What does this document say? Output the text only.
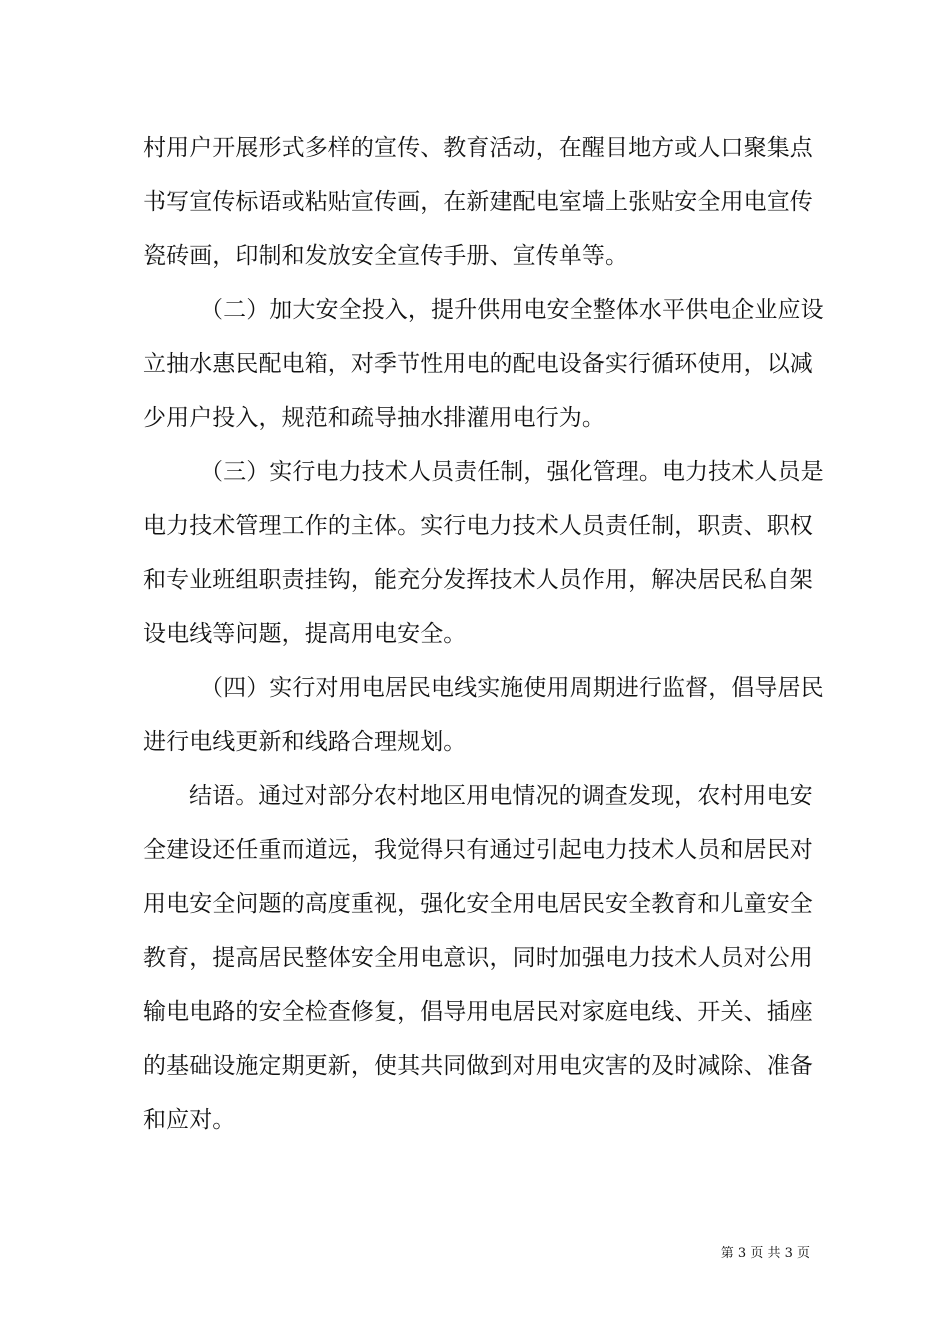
村用户开展形式多样的宣传、教育活动，在醒目地方或人口聚集点
书写宣传标语或粘贴宣传画，在新建配电室墙上张贴安全用电宣传
瓷砖画，印制和发放安全宣传手册、宣传单等。
（二）加大安全投入，提升供用电安全整体水平供电企业应设
立抽水惠民配电箱，对季节性用电的配电设备实行循环使用，以减
少用户投入，规范和疏导抽水排灌用电行为。
（三）实行电力技术人员责任制，强化管理。电力技术人员是
电力技术管理工作的主体。实行电力技术人员责任制，职责、职权
和专业班组职责挂钩，能充分发挥技术人员作用，解决居民私自架
设电线等问题，提高用电安全。
（四）实行对用电居民电线实施使用周期进行监督，倡导居民
进行电线更新和线路合理规划。
结语。通过对部分农村地区用电情况的调查发现，农村用电安
全建设还任重而道远，我觉得只有通过引起电力技术人员和居民对
用电安全问题的高度重视，强化安全用电居民安全教育和儿童安全
教育，提高居民整体安全用电意识，同时加强电力技术人员对公用
输电电路的安全检查修复，倡导用电居民对家庭电线、开关、插座
的基础设施定期更新，使其共同做到对用电灾害的及时减除、准备
和应对。
第 3 页 共 3 页
